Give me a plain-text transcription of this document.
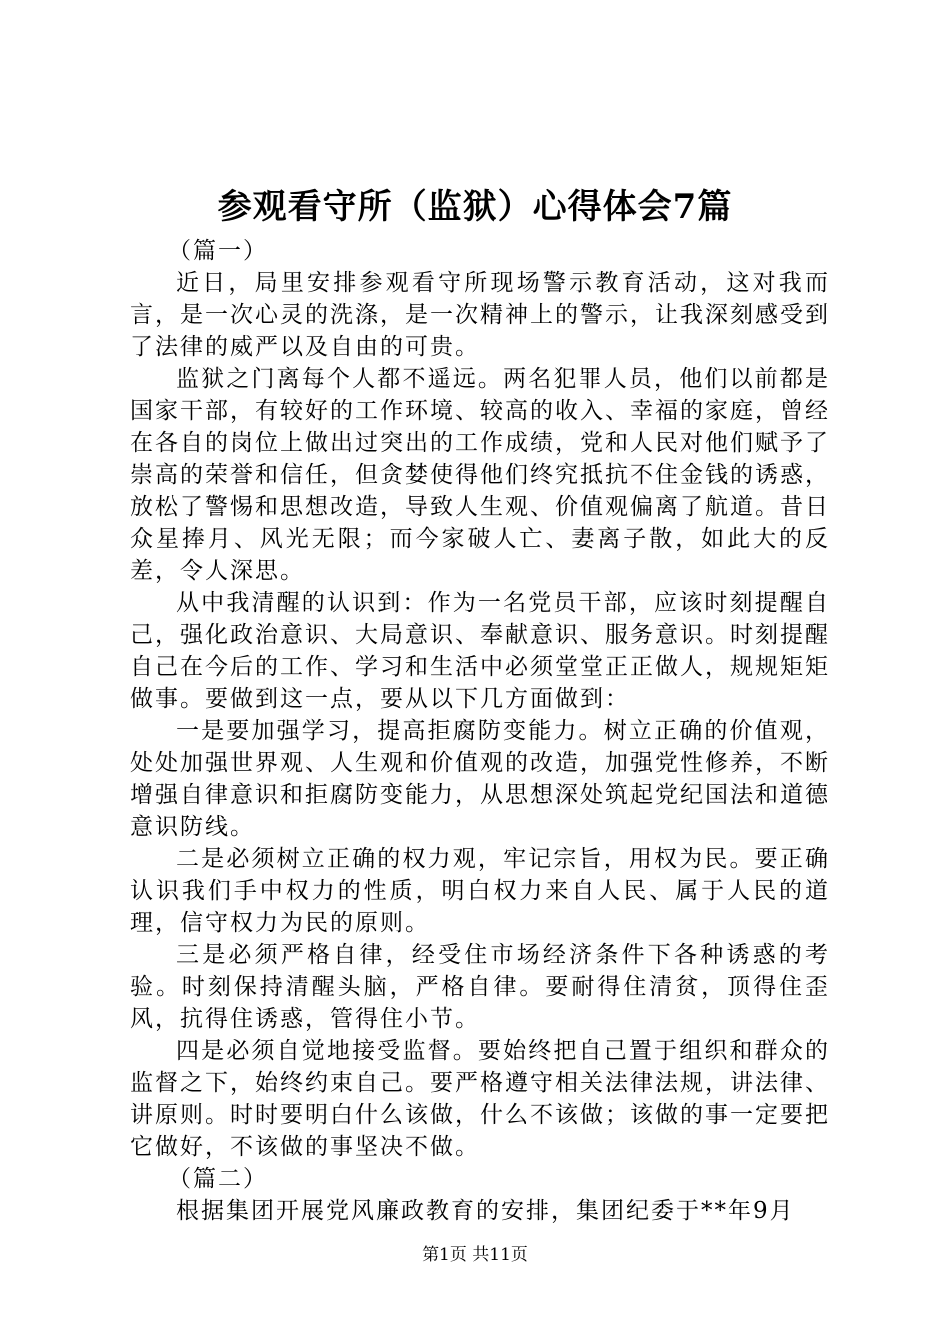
参观看守所（监狱）心得体会7篇

（篇一）

近日，局里安排参观看守所现场警示教育活动，这对我而言，是一次心灵的洗涤，是一次精神上的警示，让我深刻感受到了法律的威严以及自由的可贵。

监狱之门离每个人都不遥远。两名犯罪人员，他们以前都是国家干部，有较好的工作环境、较高的收入、幸福的家庭，曾经在各自的岗位上做出过突出的工作成绩，党和人民对他们赋予了崇高的荣誉和信任，但贪婪使得他们终究抵抗不住金钱的诱惑，放松了警惕和思想改造，导致人生观、价值观偏离了航道。昔日众星捧月、风光无限；而今家破人亡、妻离子散，如此大的反差，令人深思。

从中我清醒的认识到：作为一名党员干部，应该时刻提醒自己，强化政治意识、大局意识、奉献意识、服务意识。时刻提醒自己在今后的工作、学习和生活中必须堂堂正正做人，规规矩矩做事。要做到这一点，要从以下几方面做到：

一是要加强学习，提高拒腐防变能力。树立正确的价值观，处处加强世界观、人生观和价值观的改造，加强党性修养，不断增强自律意识和拒腐防变能力，从思想深处筑起党纪国法和道德意识防线。

二是必须树立正确的权力观，牢记宗旨，用权为民。要正确认识我们手中权力的性质，明白权力来自人民、属于人民的道理，信守权力为民的原则。

三是必须严格自律，经受住市场经济条件下各种诱惑的考验。时刻保持清醒头脑，严格自律。要耐得住清贫，顶得住歪风，抗得住诱惑，管得住小节。

四是必须自觉地接受监督。要始终把自己置于组织和群众的监督之下，始终约束自己。要严格遵守相关法律法规，讲法律、讲原则。时时要明白什么该做，什么不该做；该做的事一定要把它做好，不该做的事坚决不做。

（篇二）

根据集团开展党风廉政教育的安排，集团纪委于**年9月

第1页 共11页
